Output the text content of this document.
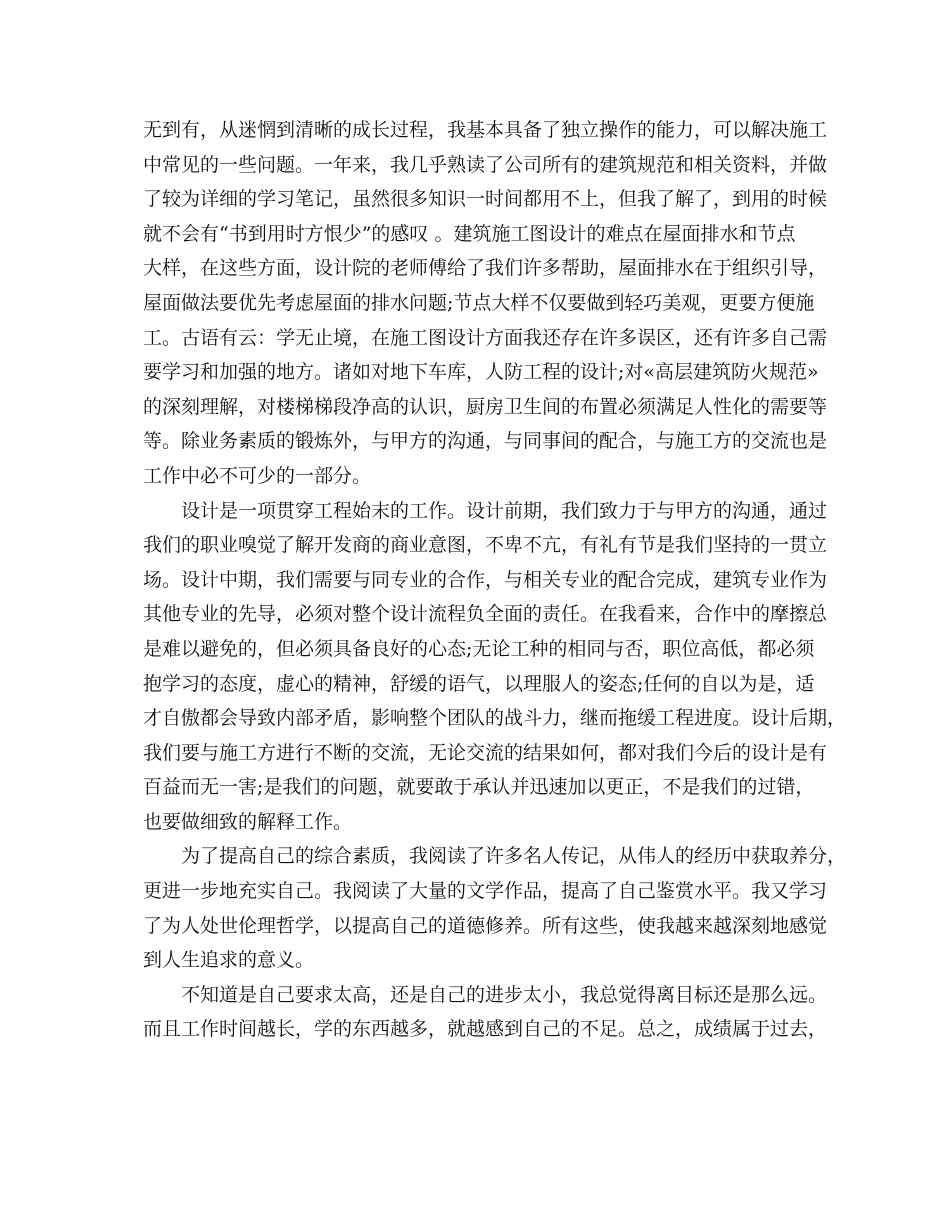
无到有，从迷惘到清晰的成长过程，我基本具备了独立操作的能力，可以解决施工
中常见的一些问题。一年来，我几乎熟读了公司所有的建筑规范和相关资料，并做
了较为详细的学习笔记，虽然很多知识一时间都用不上，但我了解了，到用的时候
就不会有“书到用时方恨少”的感叹 。建筑施工图设计的难点在屋面排水和节点
大样，在这些方面，设计院的老师傅给了我们许多帮助，屋面排水在于组织引导，
屋面做法要优先考虑屋面的排水问题;节点大样不仅要做到轻巧美观，更要方便施
工。古语有云：学无止境，在施工图设计方面我还存在许多误区，还有许多自己需
要学习和加强的地方。诸如对地下车库，人防工程的设计;对«高层建筑防火规范»
的深刻理解，对楼梯梯段净高的认识，厨房卫生间的布置必须满足人性化的需要等
等。除业务素质的锻炼外，与甲方的沟通，与同事间的配合，与施工方的交流也是
工作中必不可少的一部分。
设计是一项贯穿工程始末的工作。设计前期，我们致力于与甲方的沟通，通过
我们的职业嗅觉了解开发商的商业意图，不卑不亢，有礼有节是我们坚持的一贯立
场。设计中期，我们需要与同专业的合作，与相关专业的配合完成，建筑专业作为
其他专业的先导，必须对整个设计流程负全面的责任。在我看来，合作中的摩擦总
是难以避免的，但必须具备良好的心态;无论工种的相同与否，职位高低，都必须
抱学习的态度，虚心的精神，舒缓的语气，以理服人的姿态;任何的自以为是，适
才自傲都会导致内部矛盾，影响整个团队的战斗力，继而拖缓工程进度。设计后期，
我们要与施工方进行不断的交流，无论交流的结果如何，都对我们今后的设计是有
百益而无一害;是我们的问题，就要敢于承认并迅速加以更正，不是我们的过错，
也要做细致的解释工作。
为了提高自己的综合素质，我阅读了许多名人传记，从伟人的经历中获取养分，
更进一步地充实自己。我阅读了大量的文学作品，提高了自己鉴赏水平。我又学习
了为人处世伦理哲学，以提高自己的道德修养。所有这些，使我越来越深刻地感觉
到人生追求的意义。
不知道是自己要求太高，还是自己的进步太小，我总觉得离目标还是那么远。
而且工作时间越长，学的东西越多，就越感到自己的不足。总之，成绩属于过去，
